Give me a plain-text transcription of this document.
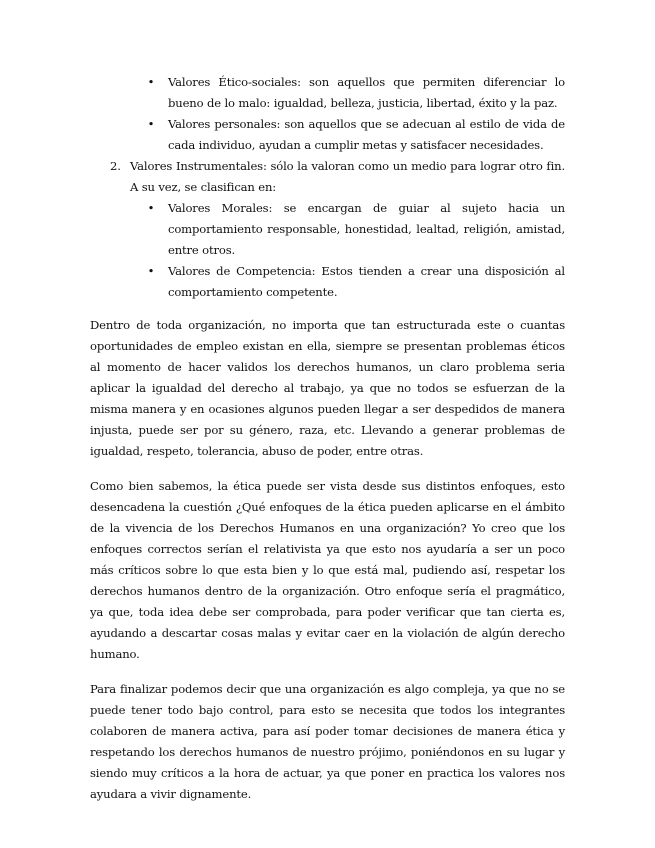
• Valores Ético-sociales: son aquellos que permiten diferenciar lo bueno de lo malo: igualdad, belleza, justicia, libertad, éxito y la paz.
• Valores personales: son aquellos que se adecuan al estilo de vida de cada individuo, ayudan a cumplir metas y satisfacer necesidades.
2. Valores Instrumentales: sólo la valoran como un medio para lograr otro fin. A su vez, se clasifican en:
• Valores Morales: se encargan de guiar al sujeto hacia un comportamiento responsable, honestidad, lealtad, religión, amistad, entre otros.
• Valores de Competencia: Estos tienden a crear una disposición al comportamiento competente.

Dentro de toda organización, no importa que tan estructurada este o cuantas oportunidades de empleo existan en ella, siempre se presentan problemas éticos al momento de hacer validos los derechos humanos, un claro problema seria aplicar la igualdad del derecho al trabajo, ya que no todos se esfuerzan de la misma manera y en ocasiones algunos pueden llegar a ser despedidos de manera injusta, puede ser por su género, raza, etc. Llevando a generar problemas de igualdad, respeto, tolerancia, abuso de poder, entre otras.

Como bien sabemos, la ética puede ser vista desde sus distintos enfoques, esto desencadena la cuestión ¿Qué enfoques de la ética pueden aplicarse en el ámbito de la vivencia de los Derechos Humanos en una organización? Yo creo que los enfoques correctos serían el relativista ya que esto nos ayudaría a ser un poco más críticos sobre lo que esta bien y lo que está mal, pudiendo así, respetar los derechos humanos dentro de la organización. Otro enfoque sería el pragmático, ya que, toda idea debe ser comprobada, para poder verificar que tan cierta es, ayudando a descartar cosas malas y evitar caer en la violación de algún derecho humano.

Para finalizar podemos decir que una organización es algo compleja, ya que no se puede tener todo bajo control, para esto se necesita que todos los integrantes colaboren de manera activa, para así poder tomar decisiones de manera ética y respetando los derechos humanos de nuestro prójimo, poniéndonos en su lugar y siendo muy críticos a la hora de actuar, ya que poner en practica los valores nos ayudara a vivir dignamente.
